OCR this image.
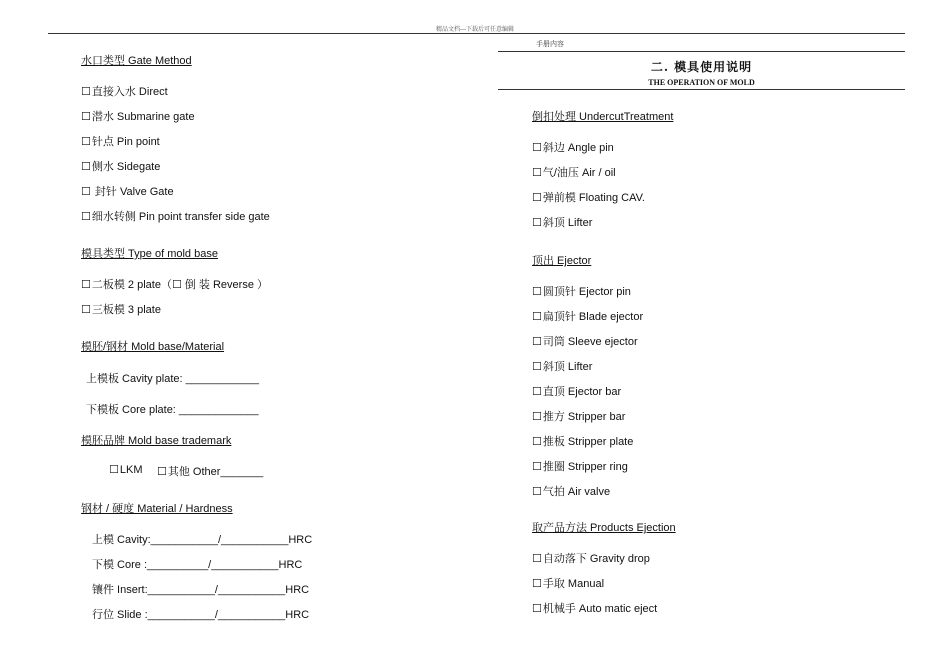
精品文档---下载后可任意编辑
水口类型 Gate Method
☐直接入水 Direct
☐潜水 Submarine gate
☐针点 Pin point
☐侧水 Sidegate
☐ 封针 Valve Gate
☐细水转侧 Pin point transfer side gate
模具类型 Type of mold base
☐二板模 2 plate（☐ 倒 装 Reverse ）
☐三板模 3 plate
模胚/钢材 Mold base/Material
上模板 Cavity plate: ____________
下模板 Core plate: _____________
模胚品牌 Mold base trademark
☐LKM ☐其他 Other_______
钢材 / 硬度 Material / Hardness
上模 Cavity:___________/___________HRC
下模 Core :__________/___________HRC
镶件 Insert:___________/___________HRC
行位 Slide :___________/___________HRC
手册内容
二. 模具使用说明
THE OPERATION OF MOLD
倒扣处理 UndercutTreatment
☐斜边 Angle pin
☐气/油压 Air / oil
☐弹前模 Floating CAV.
☐斜顶 Lifter
顶出 Ejector
☐圆顶针 Ejector pin
☐扁顶针 Blade ejector
☐司筒 Sleeve ejector
☐斜顶 Lifter
☐直顶 Ejector bar
☐推方 Stripper bar
☐推板 Stripper plate
☐推圈 Stripper ring
☐气拍 Air valve
取产品方法 Products Ejection
☐自动落下 Gravity drop
☐手取 Manual
☐机械手 Auto matic eject
